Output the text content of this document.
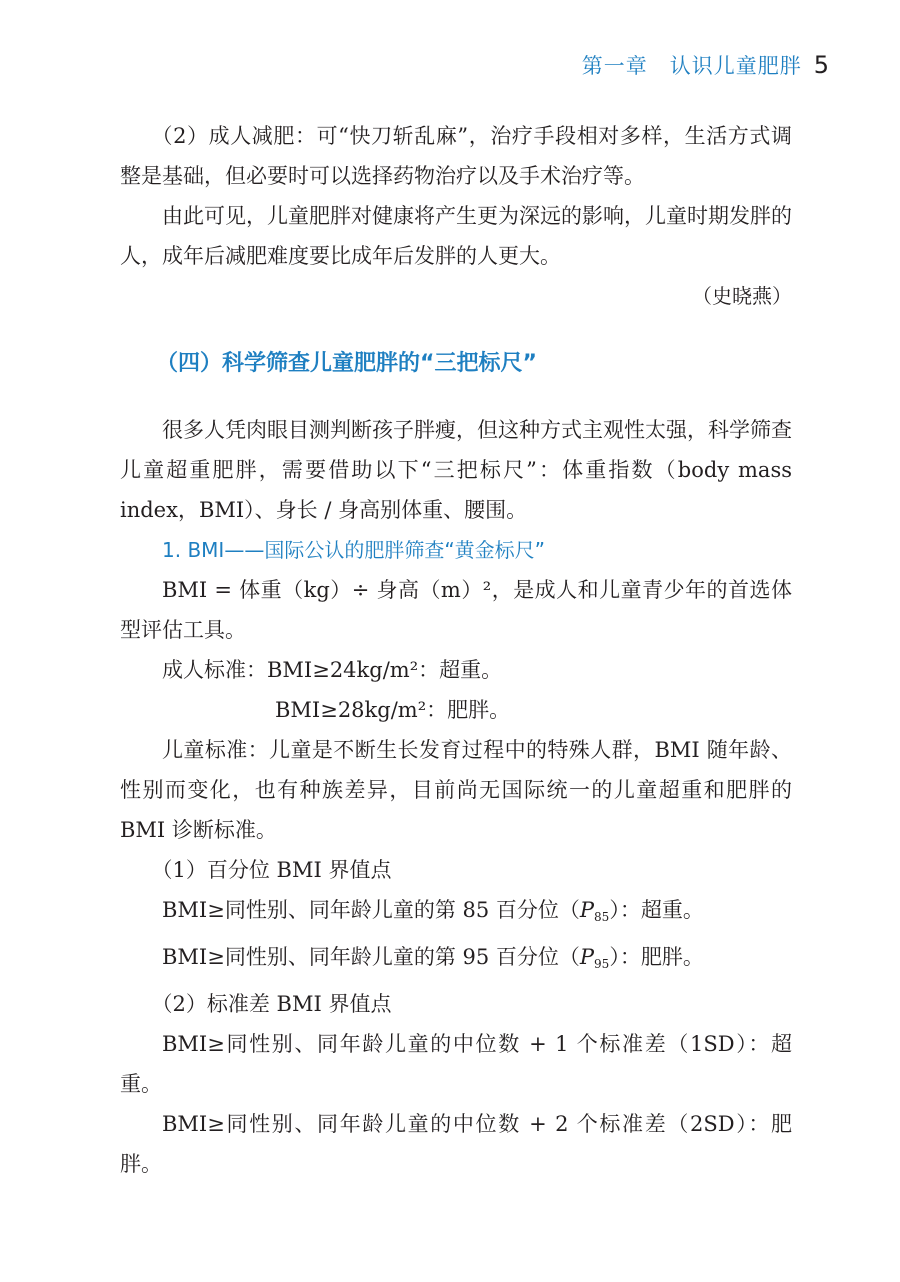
第一章 认识儿童肥胖 5

（2）成人减肥：可“快刀斩乱麻”，治疗手段相对多样，生活方式调整是基础，但必要时可以选择药物治疗以及手术治疗等。

由此可见，儿童肥胖对健康将产生更为深远的影响，儿童时期发胖的人，成年后减肥难度要比成年后发胖的人更大。

（史晓燕）

（四）科学筛查儿童肥胖的“三把标尺”

很多人凭肉眼目测判断孩子胖瘦，但这种方式主观性太强，科学筛查儿童超重肥胖，需要借助以下“三把标尺”：体重指数（body mass index，BMI）、身长 / 身高别体重、腰围。

1. BMI——国际公认的肥胖筛查“黄金标尺”

BMI = 体重（kg）÷ 身高（m）²，是成人和儿童青少年的首选体型评估工具。

成人标准：BMI≥24kg/m²：超重。

BMI≥28kg/m²：肥胖。

儿童标准：儿童是不断生长发育过程中的特殊人群，BMI 随年龄、性别而变化，也有种族差异，目前尚无国际统一的儿童超重和肥胖的 BMI 诊断标准。

（1）百分位 BMI 界值点

BMI≥同性别、同年龄儿童的第 85 百分位$(P_{85})$：超重。

BMI≥同性别、同年龄儿童的第 95 百分位$(P_{95})$：肥胖。

（2）标准差 BMI 界值点

BMI≥同性别、同年龄儿童的中位数 + 1 个标准差（1SD）：超重。

BMI≥同性别、同年龄儿童的中位数 + 2 个标准差（2SD）：肥胖。
